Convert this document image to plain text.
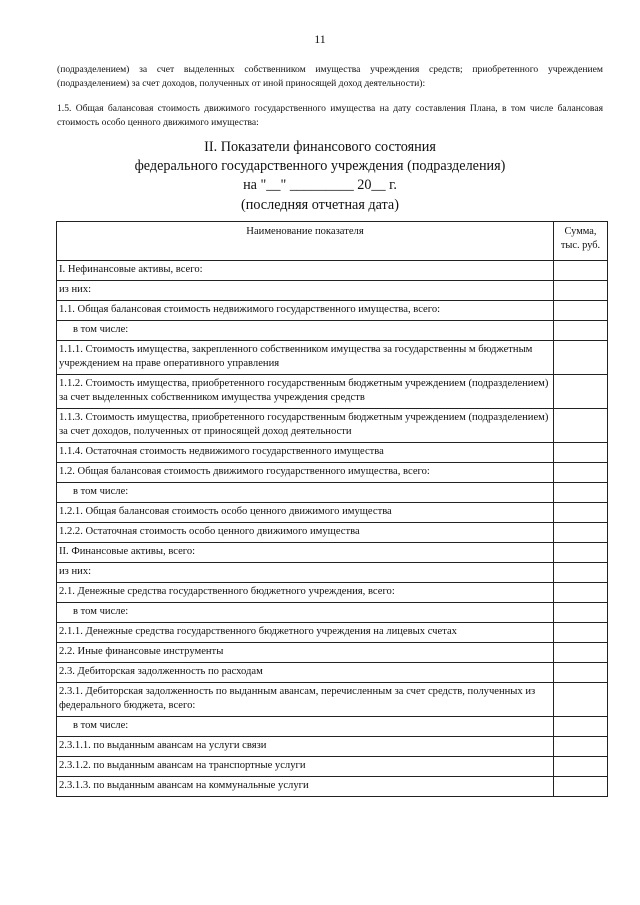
11
(подразделением) за счет выделенных собственником имущества учреждения средств; приобретенного учреждением (подразделением) за счет доходов, полученных от иной приносящей доход деятельности):
1.5. Общая балансовая стоимость движимого государственного имущества на дату составления Плана, в том числе балансовая стоимость особо ценного движимого имущества:
II. Показатели финансового состояния
федерального государственного учреждения (подразделения)
на "__" _________ 20__ г.
(последняя отчетная дата)
Наименование показателя	Сумма, тыс. руб.
I. Нефинансовые активы, всего:	
из них:	
1.1. Общая балансовая стоимость недвижимого государственного имущества, всего:	
в том числе:	
1.1.1. Стоимость имущества, закрепленного собственником имущества за государственны м бюджетным учреждением на праве оперативного управления	
1.1.2. Стоимость имущества, приобретенного государственным бюджетным учреждением (подразделением) за счет выделенных собственником имущества учреждения средств	
1.1.3. Стоимость имущества, приобретенного государственным бюджетным учреждением (подразделением) за счет доходов, полученных от приносящей доход деятельности	
1.1.4. Остаточная стоимость недвижимого государственного имущества	
1.2. Общая балансовая стоимость движимого государственного имущества, всего:	
в том числе:	
1.2.1. Общая балансовая стоимость особо ценного движимого имущества	
1.2.2. Остаточная стоимость особо ценного движимого имущества	
II. Финансовые активы, всего:	
из них:	
2.1. Денежные средства государственного бюджетного учреждения, всего:	
в том числе:	
2.1.1. Денежные средства государственного бюджетного учреждения на лицевых счетах	
2.2. Иные финансовые инструменты	
2.3. Дебиторская задолженность по расходам	
2.3.1. Дебиторская задолженность по выданным авансам, перечисленным за счет средств, полученных из федерального бюджета, всего:	
в том числе:	
2.3.1.1. по выданным авансам на услуги связи	
2.3.1.2. по выданным авансам на транспортные услуги	
2.3.1.3. по выданным авансам на коммунальные услуги	
